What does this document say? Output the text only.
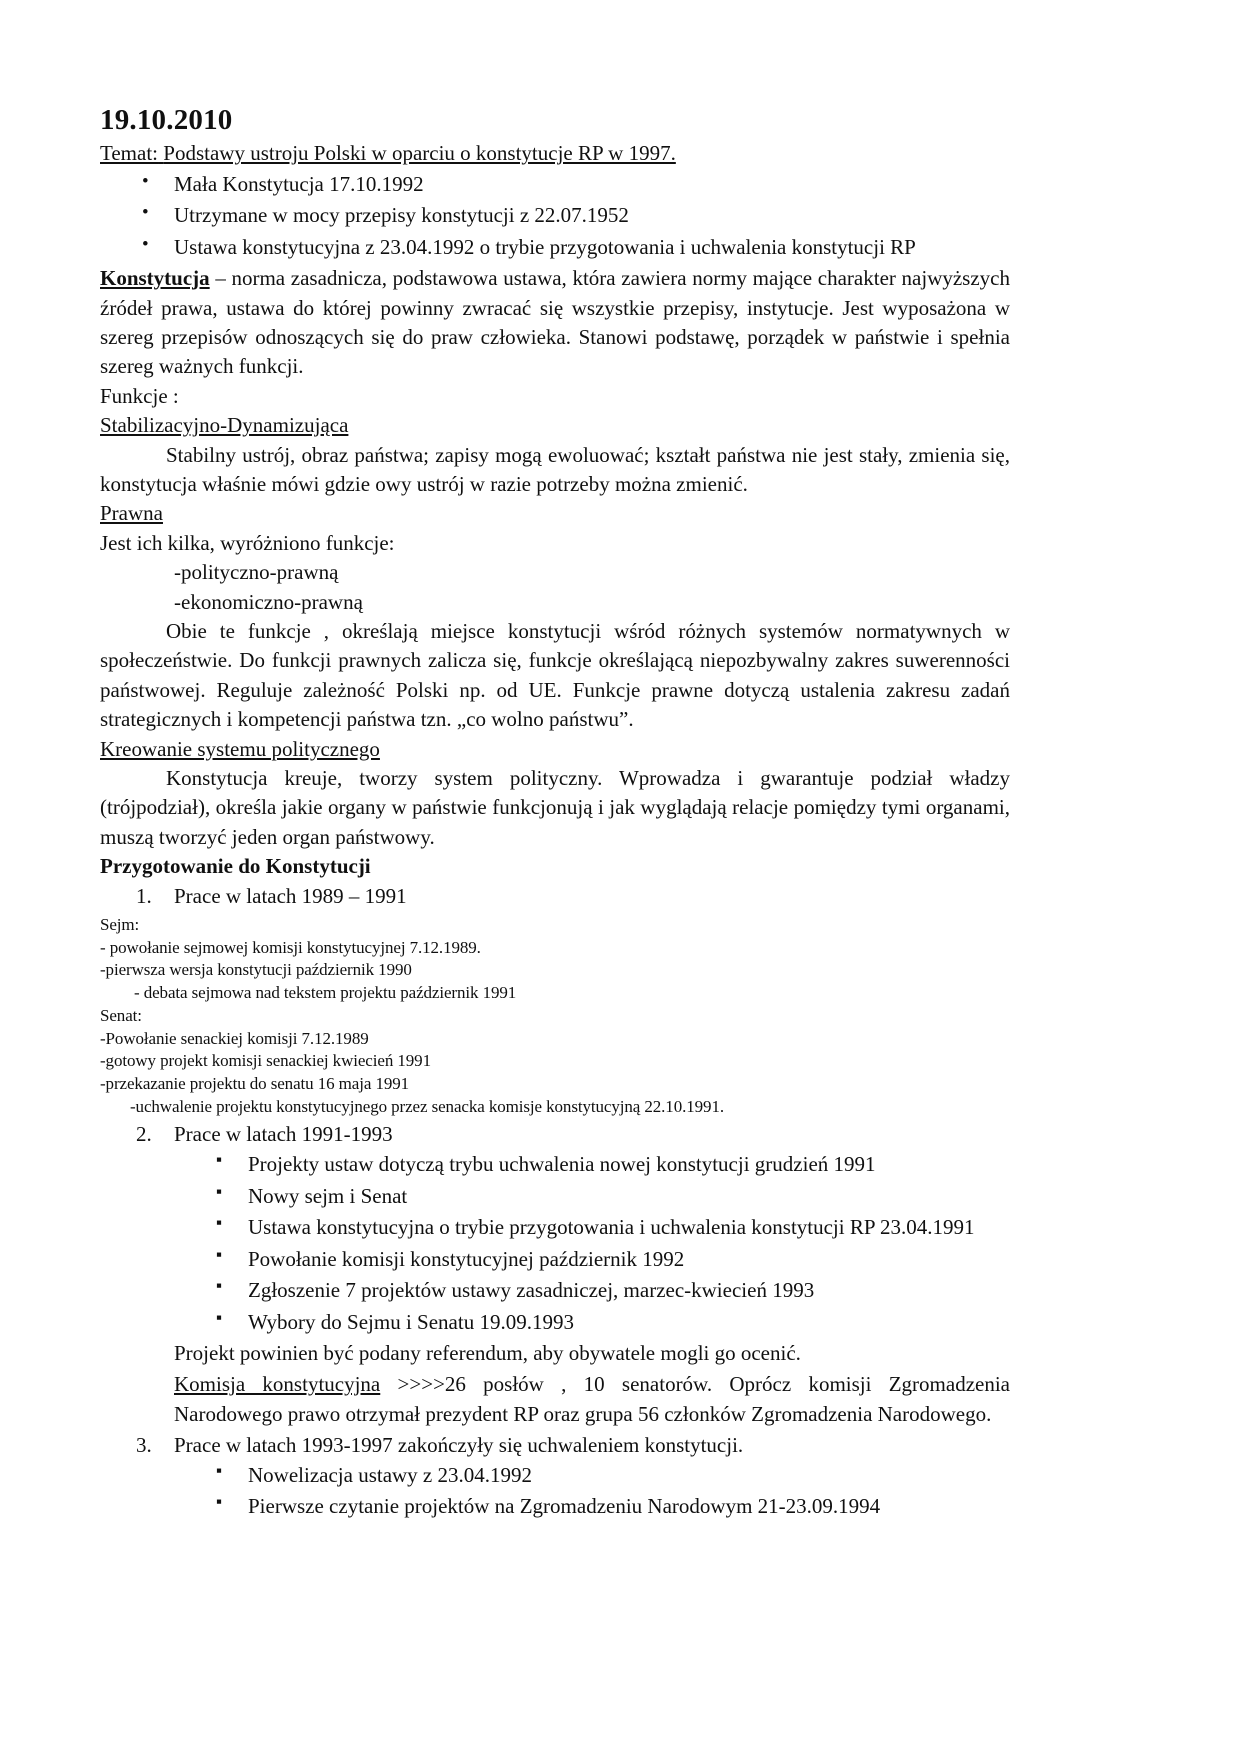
19.10.2010

Temat: Podstawy ustroju Polski w oparciu o konstytucje RP w 1997.

• Mała Konstytucja 17.10.1992
• Utrzymane w mocy przepisy konstytucji z 22.07.1952
• Ustawa konstytucyjna z 23.04.1992 o trybie przygotowania i uchwalenia konstytucji RP

Konstytucja – norma zasadnicza, podstawowa ustawa, która zawiera normy mające charakter najwyższych źródeł prawa, ustawa do której powinny zwracać się wszystkie przepisy, instytucje. Jest wyposażona w szereg przepisów odnoszących się do praw człowieka. Stanowi podstawę, porządek w państwie i spełnia szereg ważnych funkcji.

Funkcje :

Stabilizacyjno-Dynamizująca

Stabilny ustrój, obraz państwa; zapisy mogą ewoluować; kształt państwa nie jest stały, zmienia się, konstytucja właśnie mówi gdzie owy ustrój w razie potrzeby można zmienić.

Prawna

Jest ich kilka, wyróżniono funkcje:

-polityczno-prawną

-ekonomiczno-prawną

Obie te funkcje , określają miejsce konstytucji wśród różnych systemów normatywnych w społeczeństwie. Do funkcji prawnych zalicza się, funkcje określającą niepozbywalny zakres suwerenności państwowej. Reguluje zależność Polski np. od UE. Funkcje prawne dotyczą ustalenia zakresu zadań strategicznych i kompetencji państwa tzn. „co wolno państwu”.

Kreowanie systemu politycznego

Konstytucja kreuje, tworzy system polityczny. Wprowadza i gwarantuje podział władzy (trójpodział), określa jakie organy w państwie funkcjonują i jak wyglądają relacje pomiędzy tymi organami, muszą tworzyć jeden organ państwowy.

Przygotowanie do Konstytucji

1. Prace w latach 1989 – 1991

Sejm:

- powołanie sejmowej komisji konstytucyjnej 7.12.1989.

-pierwsza wersja konstytucji październik 1990

- debata sejmowa nad tekstem projektu październik 1991

Senat:

-Powołanie senackiej komisji 7.12.1989

-gotowy projekt komisji senackiej kwiecień 1991

-przekazanie projektu do senatu 16 maja 1991

-uchwalenie projektu konstytucyjnego przez senacka komisje konstytucyjną 22.10.1991.

2. Prace w latach 1991-1993
▪ Projekty ustaw dotyczą trybu uchwalenia nowej konstytucji grudzień 1991
▪ Nowy sejm i Senat
▪ Ustawa konstytucyjna o trybie przygotowania i uchwalenia konstytucji RP 23.04.1991
▪ Powołanie komisji konstytucyjnej październik 1992
▪ Zgłoszenie 7 projektów ustawy zasadniczej, marzec-kwiecień 1993
▪ Wybory do Sejmu i Senatu 19.09.1993

Projekt powinien być podany referendum, aby obywatele mogli go ocenić.

Komisja konstytucyjna >>>>26 posłów , 10 senatorów. Oprócz komisji Zgromadzenia Narodowego prawo otrzymał prezydent RP oraz grupa 56 członków Zgromadzenia Narodowego.

3. Prace w latach 1993-1997 zakończyły się uchwaleniem konstytucji.
▪ Nowelizacja ustawy z 23.04.1992
▪ Pierwsze czytanie projektów na Zgromadzeniu Narodowym 21-23.09.1994
